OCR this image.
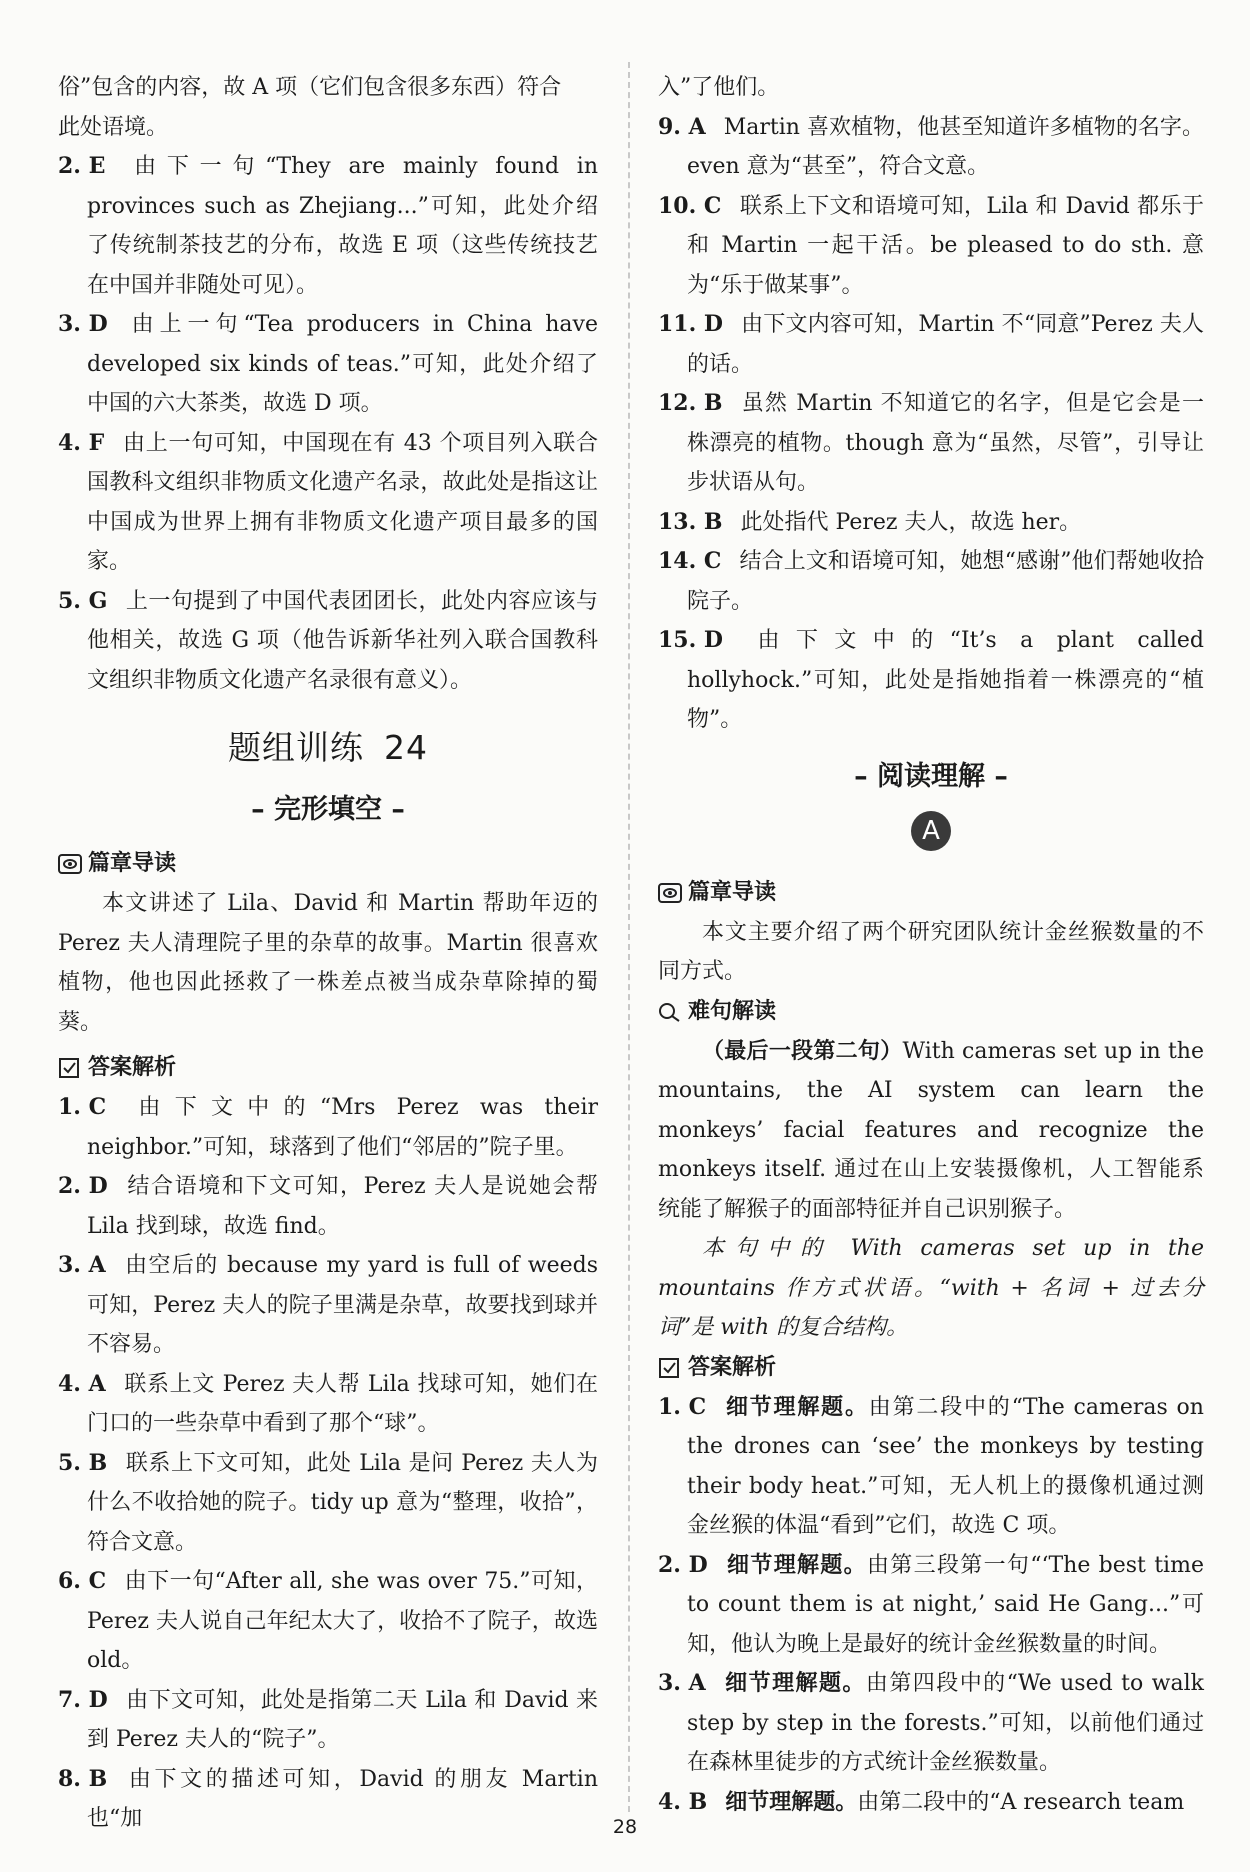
俗”包含的内容，故 A 项（它们包含很多东西）符合
此处语境。
2. E 由下一句“They are mainly found in provinces such as Zhejiang...”可知，此处介绍了传统制茶技艺的分布，故选 E 项（这些传统技艺在中国并非随处可见）。
3. D 由上一句“Tea producers in China have developed six kinds of teas.”可知，此处介绍了中国的六大茶类，故选 D 项。
4. F 由上一句可知，中国现在有 43 个项目列入联合国教科文组织非物质文化遗产名录，故此处是指这让中国成为世界上拥有非物质文化遗产项目最多的国家。
5. G 上一句提到了中国代表团团长，此处内容应该与他相关，故选 G 项（他告诉新华社列入联合国教科文组织非物质文化遗产名录很有意义）。
题组训练 24
– 完形填空 –
篇章导读
本文讲述了 Lila、David 和 Martin 帮助年迈的 Perez 夫人清理院子里的杂草的故事。Martin 很喜欢植物，他也因此拯救了一株差点被当成杂草除掉的蜀葵。
答案解析
1. C 由下文中的“Mrs Perez was their neighbor.”可知，球落到了他们“邻居的”院子里。
2. D 结合语境和下文可知，Perez 夫人是说她会帮 Lila 找到球，故选 find。
3. A 由空后的 because my yard is full of weeds 可知，Perez 夫人的院子里满是杂草，故要找到球并不容易。
4. A 联系上文 Perez 夫人帮 Lila 找球可知，她们在门口的一些杂草中看到了那个“球”。
5. B 联系上下文可知，此处 Lila 是问 Perez 夫人为什么不收拾她的院子。tidy up 意为“整理，收拾”，符合文意。
6. C 由下一句“After all, she was over 75.”可知，Perez 夫人说自己年纪太大了，收拾不了院子，故选 old。
7. D 由下文可知，此处是指第二天 Lila 和 David 来到 Perez 夫人的“院子”。
8. B 由下文的描述可知，David 的朋友 Martin 也“加
入”了他们。
9. A Martin 喜欢植物，他甚至知道许多植物的名字。even 意为“甚至”，符合文意。
10. C 联系上下文和语境可知，Lila 和 David 都乐于和 Martin 一起干活。be pleased to do sth. 意为“乐于做某事”。
11. D 由下文内容可知，Martin 不“同意”Perez 夫人的话。
12. B 虽然 Martin 不知道它的名字，但是它会是一株漂亮的植物。though 意为“虽然，尽管”，引导让步状语从句。
13. B 此处指代 Perez 夫人，故选 her。
14. C 结合上文和语境可知，她想“感谢”他们帮她收拾院子。
15. D 由下文中的“It’s a plant called hollyhock.”可知，此处是指她指着一株漂亮的“植物”。
– 阅读理解 –
A
篇章导读
本文主要介绍了两个研究团队统计金丝猴数量的不同方式。
难句解读
（最后一段第二句）With cameras set up in the mountains, the AI system can learn the monkeys’ facial features and recognize the monkeys itself. 通过在山上安装摄像机，人工智能系统能了解猴子的面部特征并自己识别猴子。
本句中的 With cameras set up in the mountains 作方式状语。“with + 名词 + 过去分词”是 with 的复合结构。
答案解析
1. C 细节理解题。由第二段中的“The cameras on the drones can ‘see’ the monkeys by testing their body heat.”可知，无人机上的摄像机通过测金丝猴的体温“看到”它们，故选 C 项。
2. D 细节理解题。由第三段第一句“‘The best time to count them is at night,’ said He Gang...”可知，他认为晚上是最好的统计金丝猴数量的时间。
3. A 细节理解题。由第四段中的“We used to walk step by step in the forests.”可知，以前他们通过在森林里徒步的方式统计金丝猴数量。
4. B 细节理解题。由第二段中的“A research team
28
